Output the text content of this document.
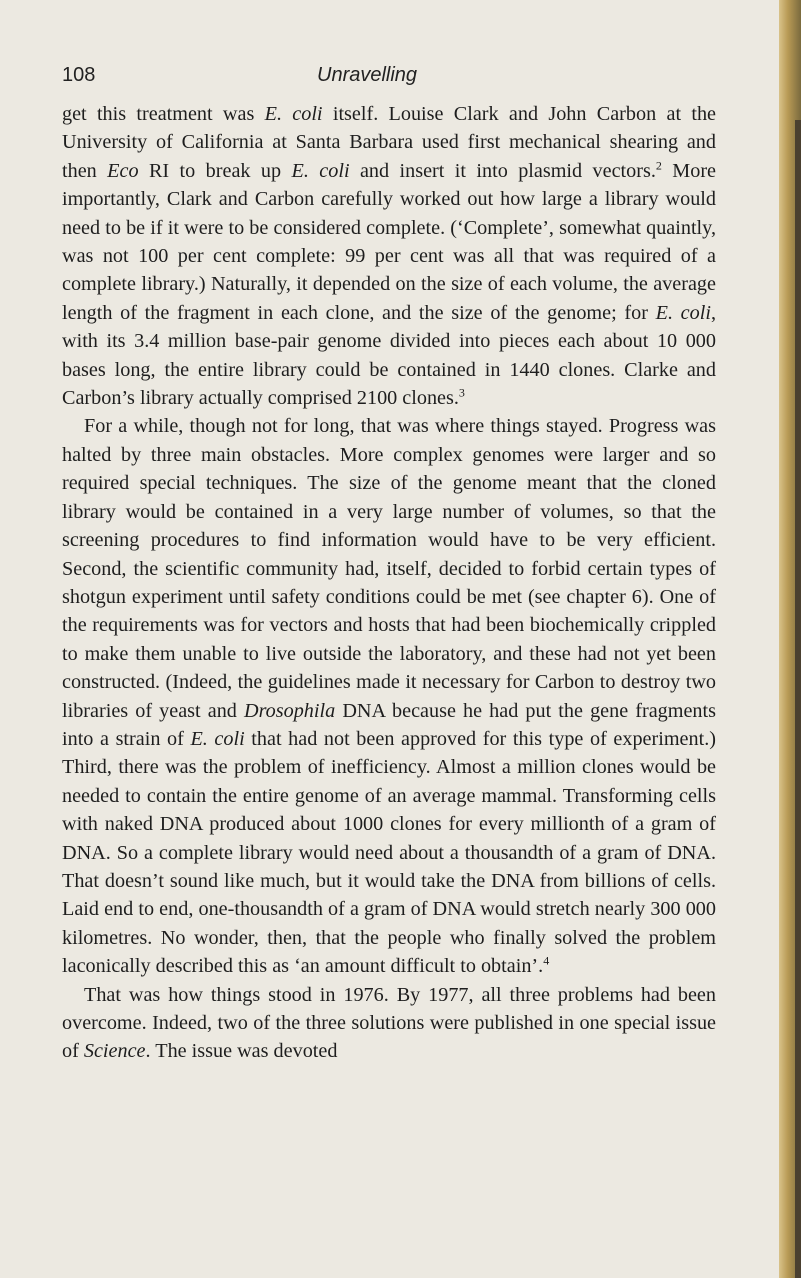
108	Unravelling

get this treatment was E. coli itself. Louise Clark and John Carbon at the University of California at Santa Barbara used first mechanical shearing and then Eco RI to break up E. coli and insert it into plasmid vectors.$^2$ More importantly, Clark and Carbon carefully worked out how large a library would need to be if it were to be considered complete. (‘Complete’, somewhat quaintly, was not 100 per cent complete: 99 per cent was all that was required of a complete library.) Naturally, it depended on the size of each volume, the average length of the fragment in each clone, and the size of the genome; for E. coli, with its 3.4 million base-pair genome divided into pieces each about 10 000 bases long, the entire library could be contained in 1440 clones. Clarke and Carbon’s library actually comprised 2100 clones.$^3$

For a while, though not for long, that was where things stayed. Progress was halted by three main obstacles. More complex genomes were larger and so required special techniques. The size of the genome meant that the cloned library would be contained in a very large number of volumes, so that the screening procedures to find information would have to be very efficient. Second, the scientific community had, itself, decided to forbid certain types of shotgun experiment until safety conditions could be met (see chapter 6). One of the requirements was for vectors and hosts that had been biochemically crippled to make them unable to live outside the laboratory, and these had not yet been constructed. (Indeed, the guidelines made it necessary for Carbon to destroy two libraries of yeast and Drosophila DNA because he had put the gene fragments into a strain of E. coli that had not been approved for this type of experiment.) Third, there was the problem of inefficiency. Almost a million clones would be needed to contain the entire genome of an average mammal. Transforming cells with naked DNA produced about 1000 clones for every millionth of a gram of DNA. So a complete library would need about a thousandth of a gram of DNA. That doesn’t sound like much, but it would take the DNA from billions of cells. Laid end to end, one-thousandth of a gram of DNA would stretch nearly 300 000 kilometres. No wonder, then, that the people who finally solved the problem laconically described this as ‘an amount difficult to obtain’.$^4$

That was how things stood in 1976. By 1977, all three problems had been overcome. Indeed, two of the three solutions were published in one special issue of Science. The issue was devoted
